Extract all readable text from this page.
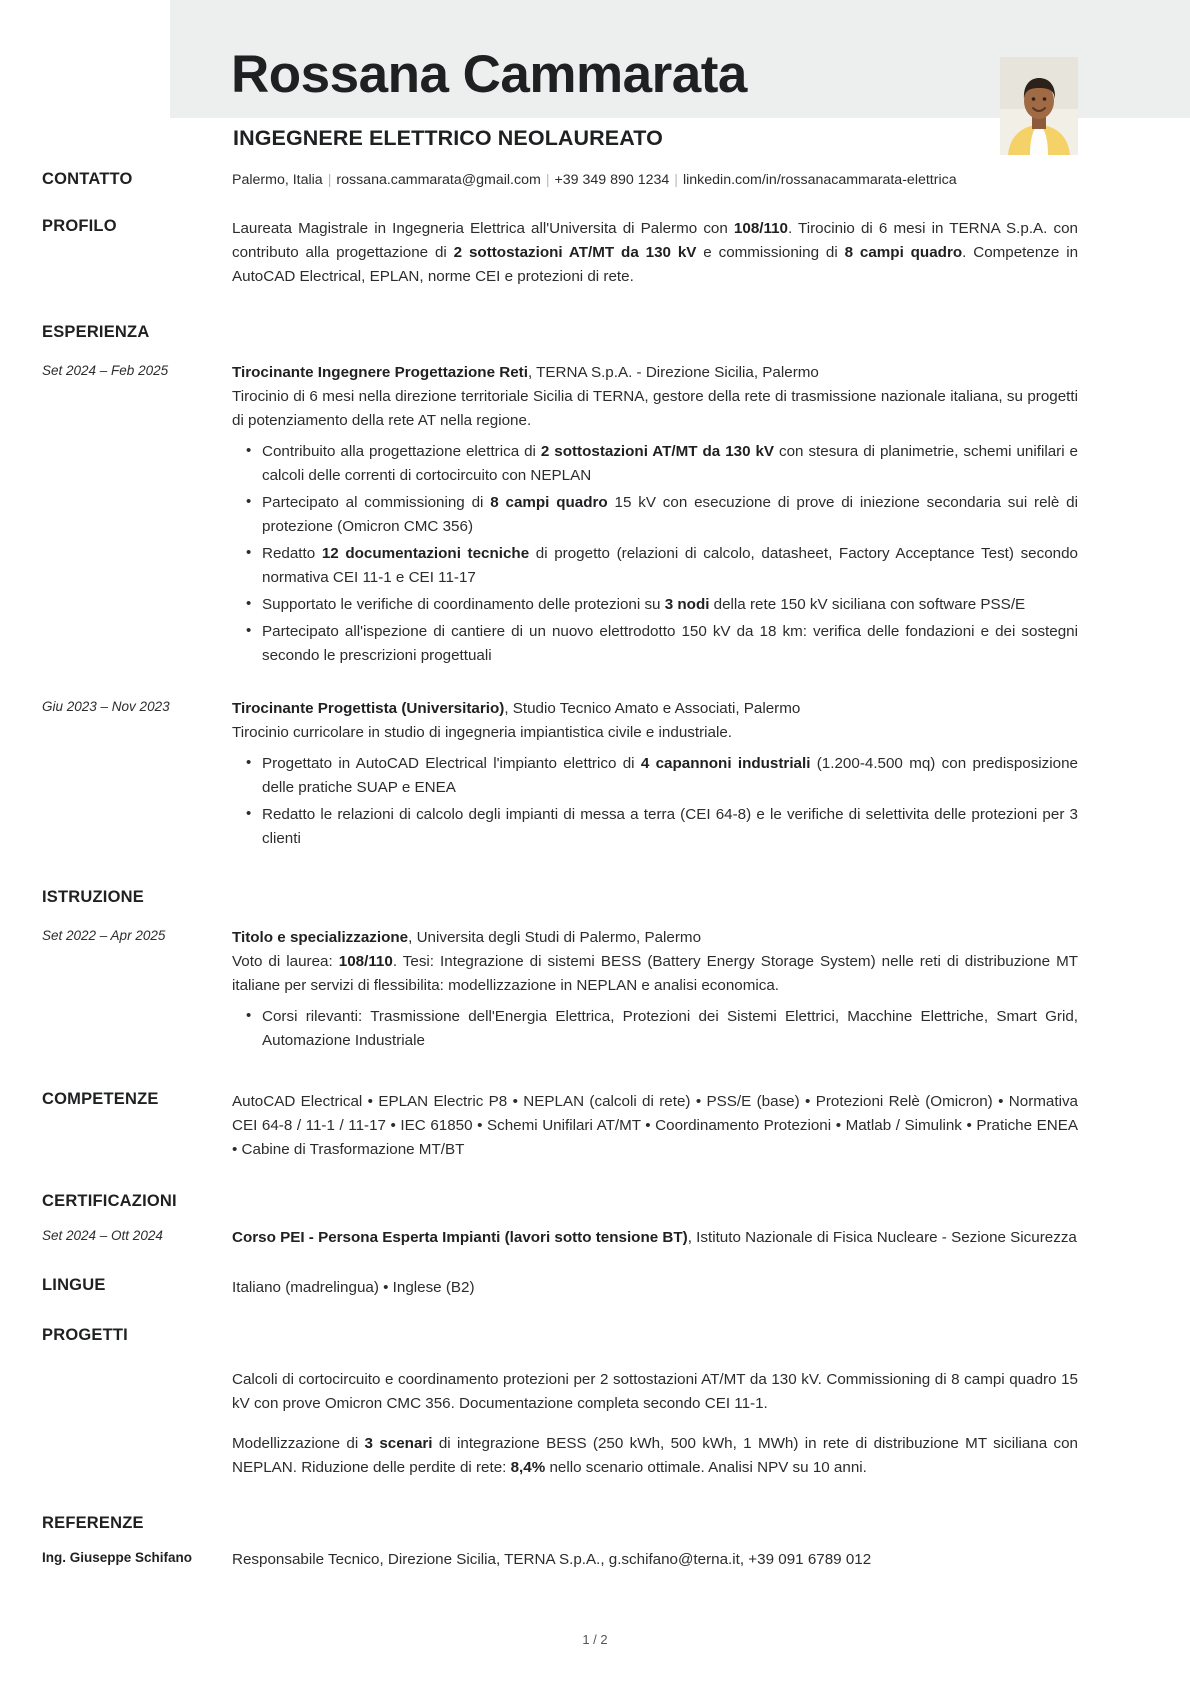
Rossana Cammarata
INGEGNERE ELETTRICO NEOLAUREATO
CONTATTO	Palermo, Italia | rossana.cammarata@gmail.com | +39 349 890 1234 | linkedin.com/in/rossanacammarata-elettrica
PROFILO	Laureata Magistrale in Ingegneria Elettrica all'Universita di Palermo con 108/110. Tirocinio di 6 mesi in TERNA S.p.A. con contributo alla progettazione di 2 sottostazioni AT/MT da 130 kV e commissioning di 8 campi quadro. Competenze in AutoCAD Electrical, EPLAN, norme CEI e protezioni di rete.
ESPERIENZA
Set 2024 – Feb 2025	Tirocinante Ingegnere Progettazione Reti, TERNA S.p.A. - Direzione Sicilia, Palermo
Tirocinio di 6 mesi nella direzione territoriale Sicilia di TERNA, gestore della rete di trasmissione nazionale italiana, su progetti di potenziamento della rete AT nella regione.
• Contribuito alla progettazione elettrica di 2 sottostazioni AT/MT da 130 kV con stesura di planimetrie, schemi unifilari e calcoli delle correnti di cortocircuito con NEPLAN
• Partecipato al commissioning di 8 campi quadro 15 kV con esecuzione di prove di iniezione secondaria sui relè di protezione (Omicron CMC 356)
• Redatto 12 documentazioni tecniche di progetto (relazioni di calcolo, datasheet, Factory Acceptance Test) secondo normativa CEI 11-1 e CEI 11-17
• Supportato le verifiche di coordinamento delle protezioni su 3 nodi della rete 150 kV siciliana con software PSS/E
• Partecipato all'ispezione di cantiere di un nuovo elettrodotto 150 kV da 18 km: verifica delle fondazioni e dei sostegni secondo le prescrizioni progettuali
Giu 2023 – Nov 2023	Tirocinante Progettista (Universitario), Studio Tecnico Amato e Associati, Palermo
Tirocinio curricolare in studio di ingegneria impiantistica civile e industriale.
• Progettato in AutoCAD Electrical l'impianto elettrico di 4 capannoni industriali (1.200-4.500 mq) con predisposizione delle pratiche SUAP e ENEA
• Redatto le relazioni di calcolo degli impianti di messa a terra (CEI 64-8) e le verifiche di selettivita delle protezioni per 3 clienti
ISTRUZIONE
Set 2022 – Apr 2025	Titolo e specializzazione, Universita degli Studi di Palermo, Palermo
Voto di laurea: 108/110. Tesi: Integrazione di sistemi BESS (Battery Energy Storage System) nelle reti di distribuzione MT italiane per servizi di flessibilita: modellizzazione in NEPLAN e analisi economica.
• Corsi rilevanti: Trasmissione dell'Energia Elettrica, Protezioni dei Sistemi Elettrici, Macchine Elettriche, Smart Grid, Automazione Industriale
COMPETENZE	AutoCAD Electrical • EPLAN Electric P8 • NEPLAN (calcoli di rete) • PSS/E (base) • Protezioni Relè (Omicron) • Normativa CEI 64-8 / 11-1 / 11-17 • IEC 61850 • Schemi Unifilari AT/MT • Coordinamento Protezioni • Matlab / Simulink • Pratiche ENEA • Cabine di Trasformazione MT/BT
CERTIFICAZIONI
Set 2024 – Ott 2024	Corso PEI - Persona Esperta Impianti (lavori sotto tensione BT), Istituto Nazionale di Fisica Nucleare - Sezione Sicurezza
LINGUE	Italiano (madrelingua) • Inglese (B2)
PROGETTI
Calcoli di cortocircuito e coordinamento protezioni per 2 sottostazioni AT/MT da 130 kV. Commissioning di 8 campi quadro 15 kV con prove Omicron CMC 356. Documentazione completa secondo CEI 11-1.
Modellizzazione di 3 scenari di integrazione BESS (250 kWh, 500 kWh, 1 MWh) in rete di distribuzione MT siciliana con NEPLAN. Riduzione delle perdite di rete: 8,4% nello scenario ottimale. Analisi NPV su 10 anni.
REFERENZE
Ing. Giuseppe Schifano	Responsabile Tecnico, Direzione Sicilia, TERNA S.p.A., g.schifano@terna.it, +39 091 6789 012
1 / 2
